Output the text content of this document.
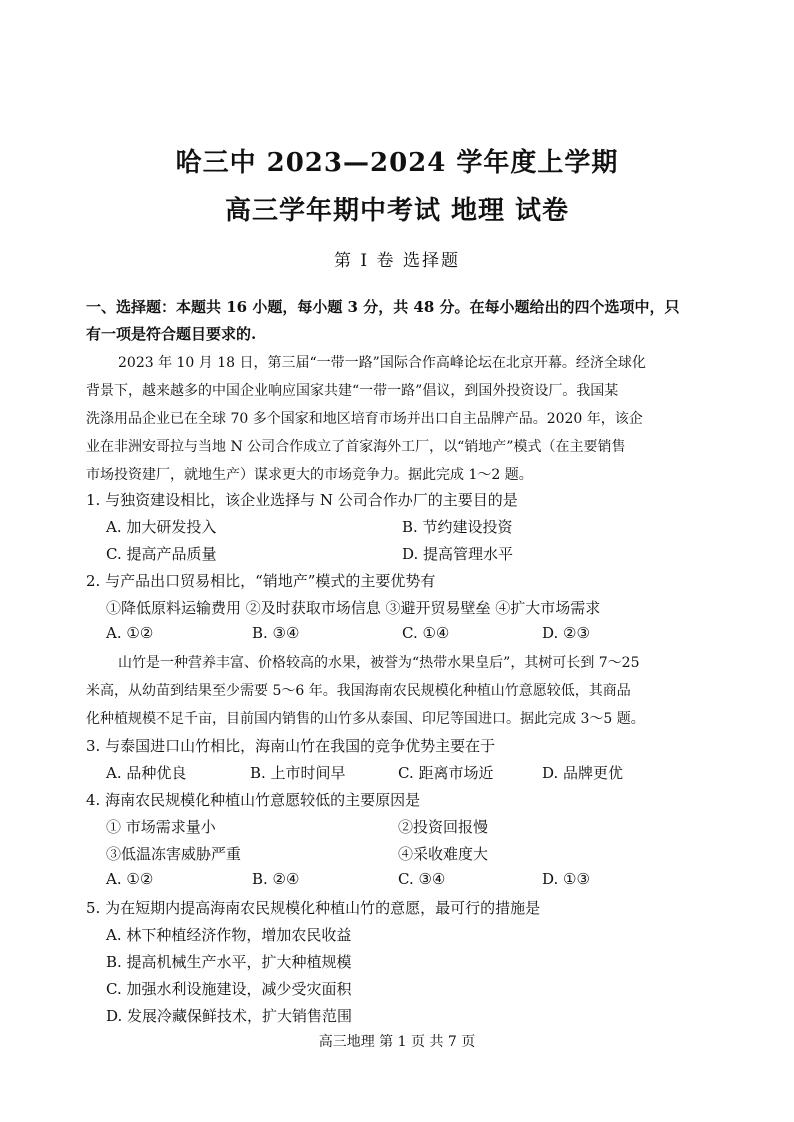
哈三中 2023—2024 学年度上学期
高三学年期中考试 地理 试卷
第 I 卷 选择题
一、选择题：本题共 16 小题，每小题 3 分，共 48 分。在每小题给出的四个选项中，只
有一项是符合题目要求的.
2023 年 10 月 18 日，第三届“一带一路”国际合作高峰论坛在北京开幕。经济全球化
背景下，越来越多的中国企业响应国家共建“一带一路”倡议，到国外投资设厂。我国某
洗涤用品企业已在全球 70 多个国家和地区培育市场并出口自主品牌产品。2020 年，该企
业在非洲安哥拉与当地 N 公司合作成立了首家海外工厂，以“销地产”模式（在主要销售
市场投资建厂，就地生产）谋求更大的市场竞争力。据此完成 1～2 题。
1. 与独资建设相比，该企业选择与 N 公司合作办厂的主要目的是
A. 加大研发投入	B. 节约建设投资
C. 提高产品质量	D. 提高管理水平
2. 与产品出口贸易相比，“销地产”模式的主要优势有
①降低原料运输费用 ②及时获取市场信息 ③避开贸易壁垒 ④扩大市场需求
A. ①②	B. ③④	C. ①④	D. ②③
山竹是一种营养丰富、价格较高的水果，被誉为“热带水果皇后”，其树可长到 7～25
米高，从幼苗到结果至少需要 5～6 年。我国海南农民规模化种植山竹意愿较低，其商品
化种植规模不足千亩，目前国内销售的山竹多从泰国、印尼等国进口。据此完成 3～5 题。
3. 与泰国进口山竹相比，海南山竹在我国的竞争优势主要在于
A. 品种优良	B. 上市时间早	C. 距离市场近	D. 品牌更优
4. 海南农民规模化种植山竹意愿较低的主要原因是
① 市场需求量小	②投资回报慢
③低温冻害威胁严重	④采收难度大
A. ①②	B. ②④	C. ③④	D. ①③
5. 为在短期内提高海南农民规模化种植山竹的意愿，最可行的措施是
A. 林下种植经济作物，增加农民收益
B. 提高机械生产水平，扩大种植规模
C. 加强水利设施建设，减少受灾面积
D. 发展冷藏保鲜技术，扩大销售范围
高三地理 第 1 页 共 7 页
